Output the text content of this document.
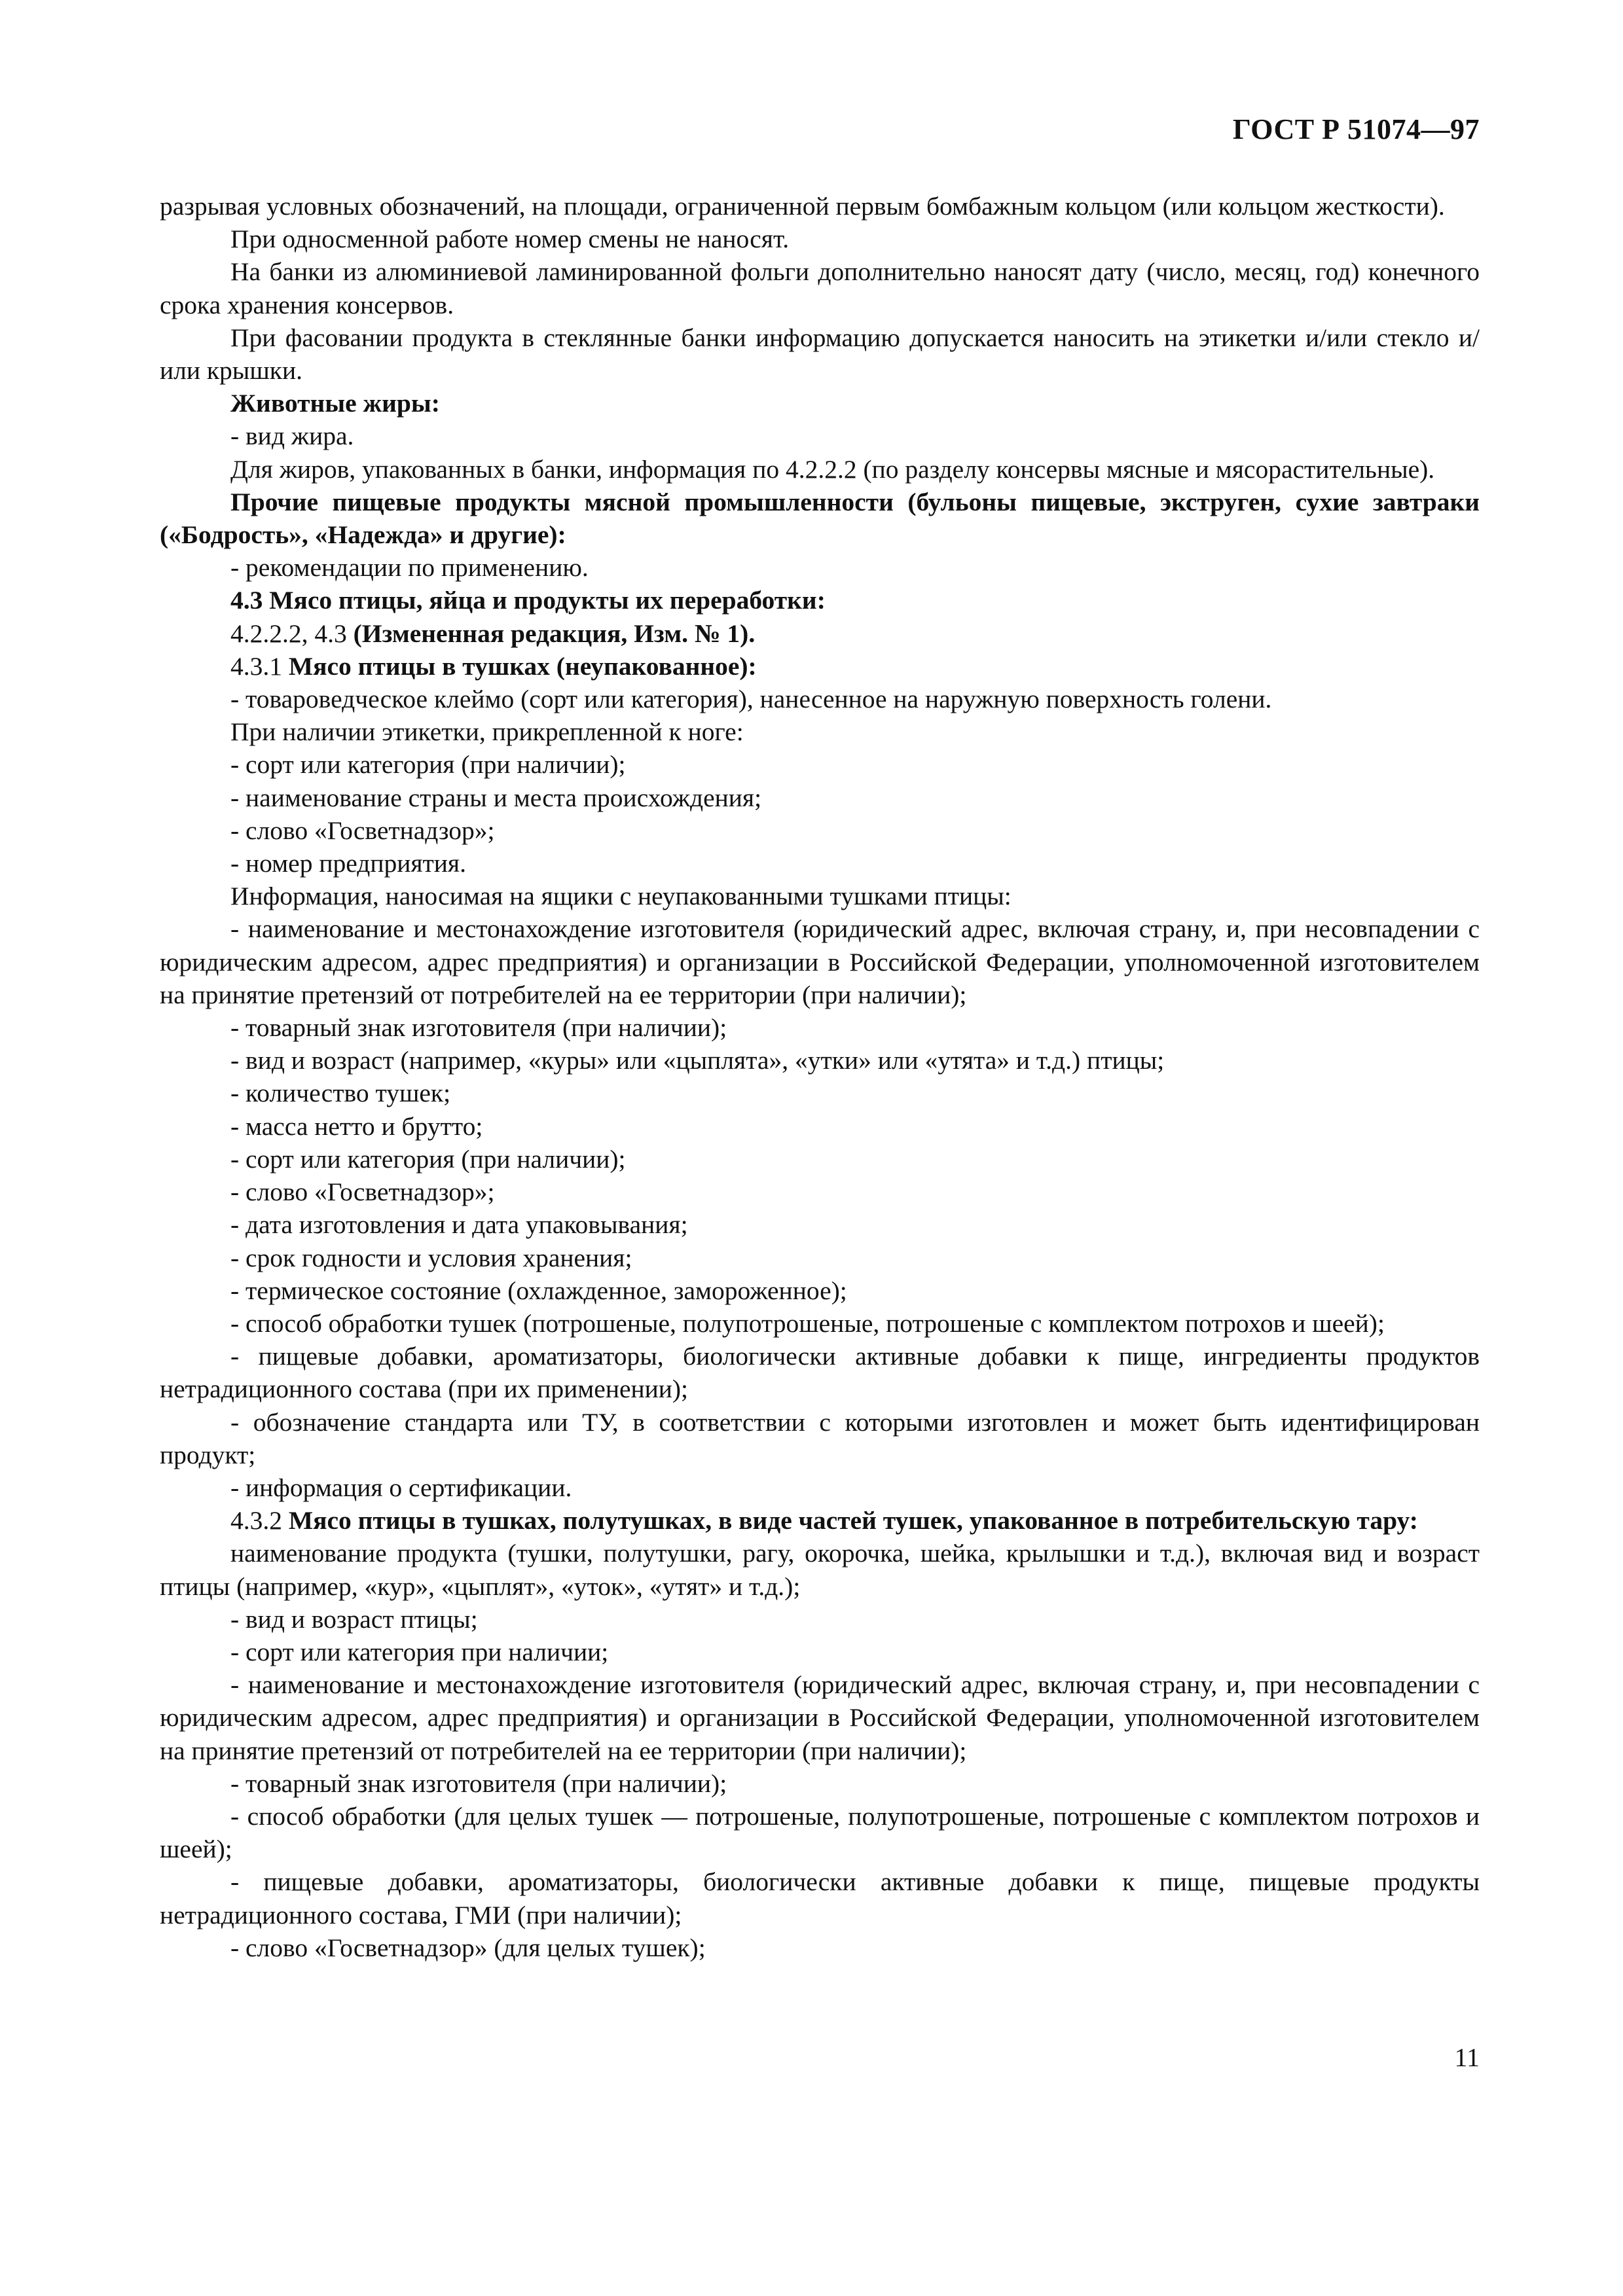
ГОСТ Р 51074—97

разрывая условных обозначений, на площади, ограниченной первым бомбажным кольцом (или кольцом жесткости).

При односменной работе номер смены не наносят.

На банки из алюминиевой ламинированной фольги дополнительно наносят дату (число, месяц, год) конечного срока хранения консервов.

При фасовании продукта в стеклянные банки информацию допускается наносить на этикетки и/или стекло и/или крышки.

Животные жиры:

- вид жира.

Для жиров, упакованных в банки, информация по 4.2.2.2 (по разделу консервы мясные и мясорастительные).

Прочие пищевые продукты мясной промышленности (бульоны пищевые, экструген, сухие завтраки («Бодрость», «Надежда» и другие):

- рекомендации по применению.

4.3 Мясо птицы, яйца и продукты их переработки:

4.2.2.2, 4.3 (Измененная редакция, Изм. № 1).

4.3.1 Мясо птицы в тушках (неупакованное):

- товароведческое клеймо (сорт или категория), нанесенное на наружную поверхность голени.

При наличии этикетки, прикрепленной к ноге:

- сорт или категория (при наличии);

- наименование страны и места происхождения;

- слово «Госветнадзор»;

- номер предприятия.

Информация, наносимая на ящики с неупакованными тушками птицы:

- наименование и местонахождение изготовителя (юридический адрес, включая страну, и, при несовпадении с юридическим адресом, адрес предприятия) и организации в Российской Федерации, уполномоченной изготовителем на принятие претензий от потребителей на ее территории (при наличии);

- товарный знак изготовителя (при наличии);

- вид и возраст (например, «куры» или «цыплята», «утки» или «утята» и т.д.) птицы;

- количество тушек;

- масса нетто и брутто;

- сорт или категория (при наличии);

- слово «Госветнадзор»;

- дата изготовления и дата упаковывания;

- срок годности и условия хранения;

- термическое состояние (охлажденное, замороженное);

- способ обработки тушек (потрошеные, полупотрошеные, потрошеные с комплектом потрохов и шеей);

- пищевые добавки, ароматизаторы, биологически активные добавки к пище, ингредиенты продуктов нетрадиционного состава (при их применении);

- обозначение стандарта или ТУ, в соответствии с которыми изготовлен и может быть идентифицирован продукт;

- информация о сертификации.

4.3.2 Мясо птицы в тушках, полутушках, в виде частей тушек, упакованное в потребительскую тару:

наименование продукта (тушки, полутушки, рагу, окорочка, шейка, крылышки и т.д.), включая вид и возраст птицы (например, «кур», «цыплят», «уток», «утят» и т.д.);

- вид и возраст птицы;

- сорт или категория при наличии;

- наименование и местонахождение изготовителя (юридический адрес, включая страну, и, при несовпадении с юридическим адресом, адрес предприятия) и организации в Российской Федерации, уполномоченной изготовителем на принятие претензий от потребителей на ее территории (при наличии);

- товарный знак изготовителя (при наличии);

- способ обработки (для целых тушек — потрошеные, полупотрошеные, потрошеные с комплектом потрохов и шеей);

- пищевые добавки, ароматизаторы, биологически активные добавки к пище, пищевые продукты нетрадиционного состава, ГМИ (при наличии);

- слово «Госветнадзор» (для целых тушек);

11
